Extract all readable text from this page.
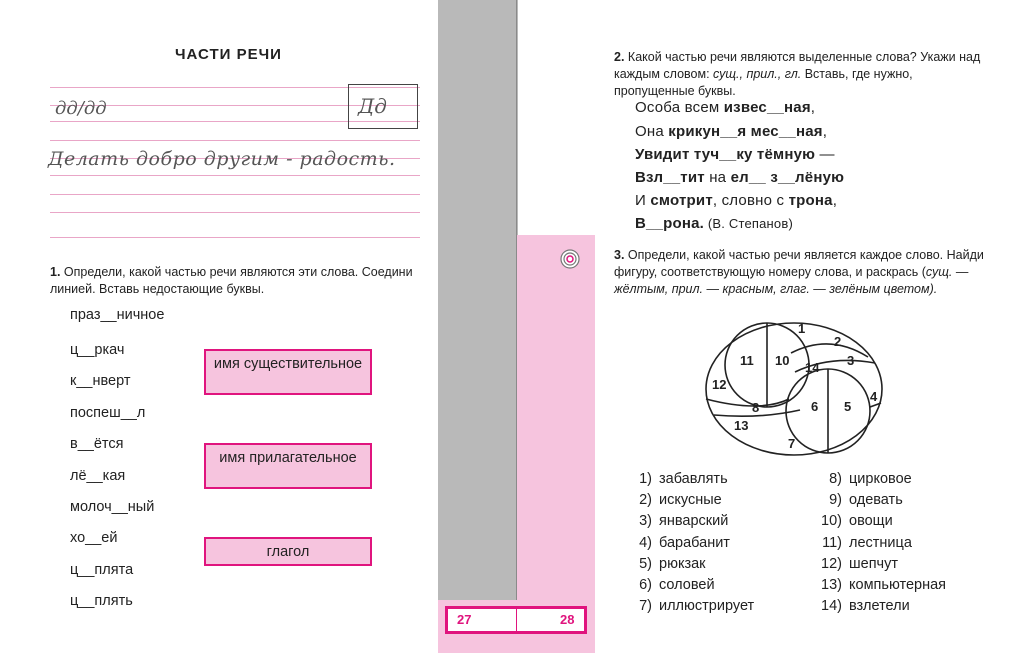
27	28
ЧАСТИ РЕЧИ
дд/дд	Дд
Делать добро другим - радость.
1. Определи, какой частью речи являются эти слова. Соедини линией. Вставь недостающие буквы.
праз__ничное
ц__ркач
к__нверт
поспеш__л
в__ётся
лё__кая
молоч__ный
хо__ей
ц__плята
ц__плять
имя существительное
имя прилагательное
глагол
2. Какой частью речи являются выделенные слова? Укажи над каждым словом: сущ., прил., гл. Вставь, где нужно, пропущенные буквы.
Особа всем извес__ная,
Она крикун__я мес__ная,
Увидит туч__ку тёмную —
Взл__тит на ел__ з__лёную
И смотрит, словно с трона,
В__рона. (В. Степанов)
3. Определи, какой частью речи является каждое слово. Найди фигуру, соответствующую номеру слова, и раскрась (сущ. — жёлтым, прил. — красным, глаг. — зелёным цветом).
1
2
3
4
5
6
7
8
10
11
12
13
14
1) забавлять
2) искусные
3) январский
4) барабанит
5) рюкзак
6) соловей
7) иллюстрирует
8) цирковое
9) одевать
10) овощи
11) лестница
12) шепчут
13) компьютерная
14) взлетели
